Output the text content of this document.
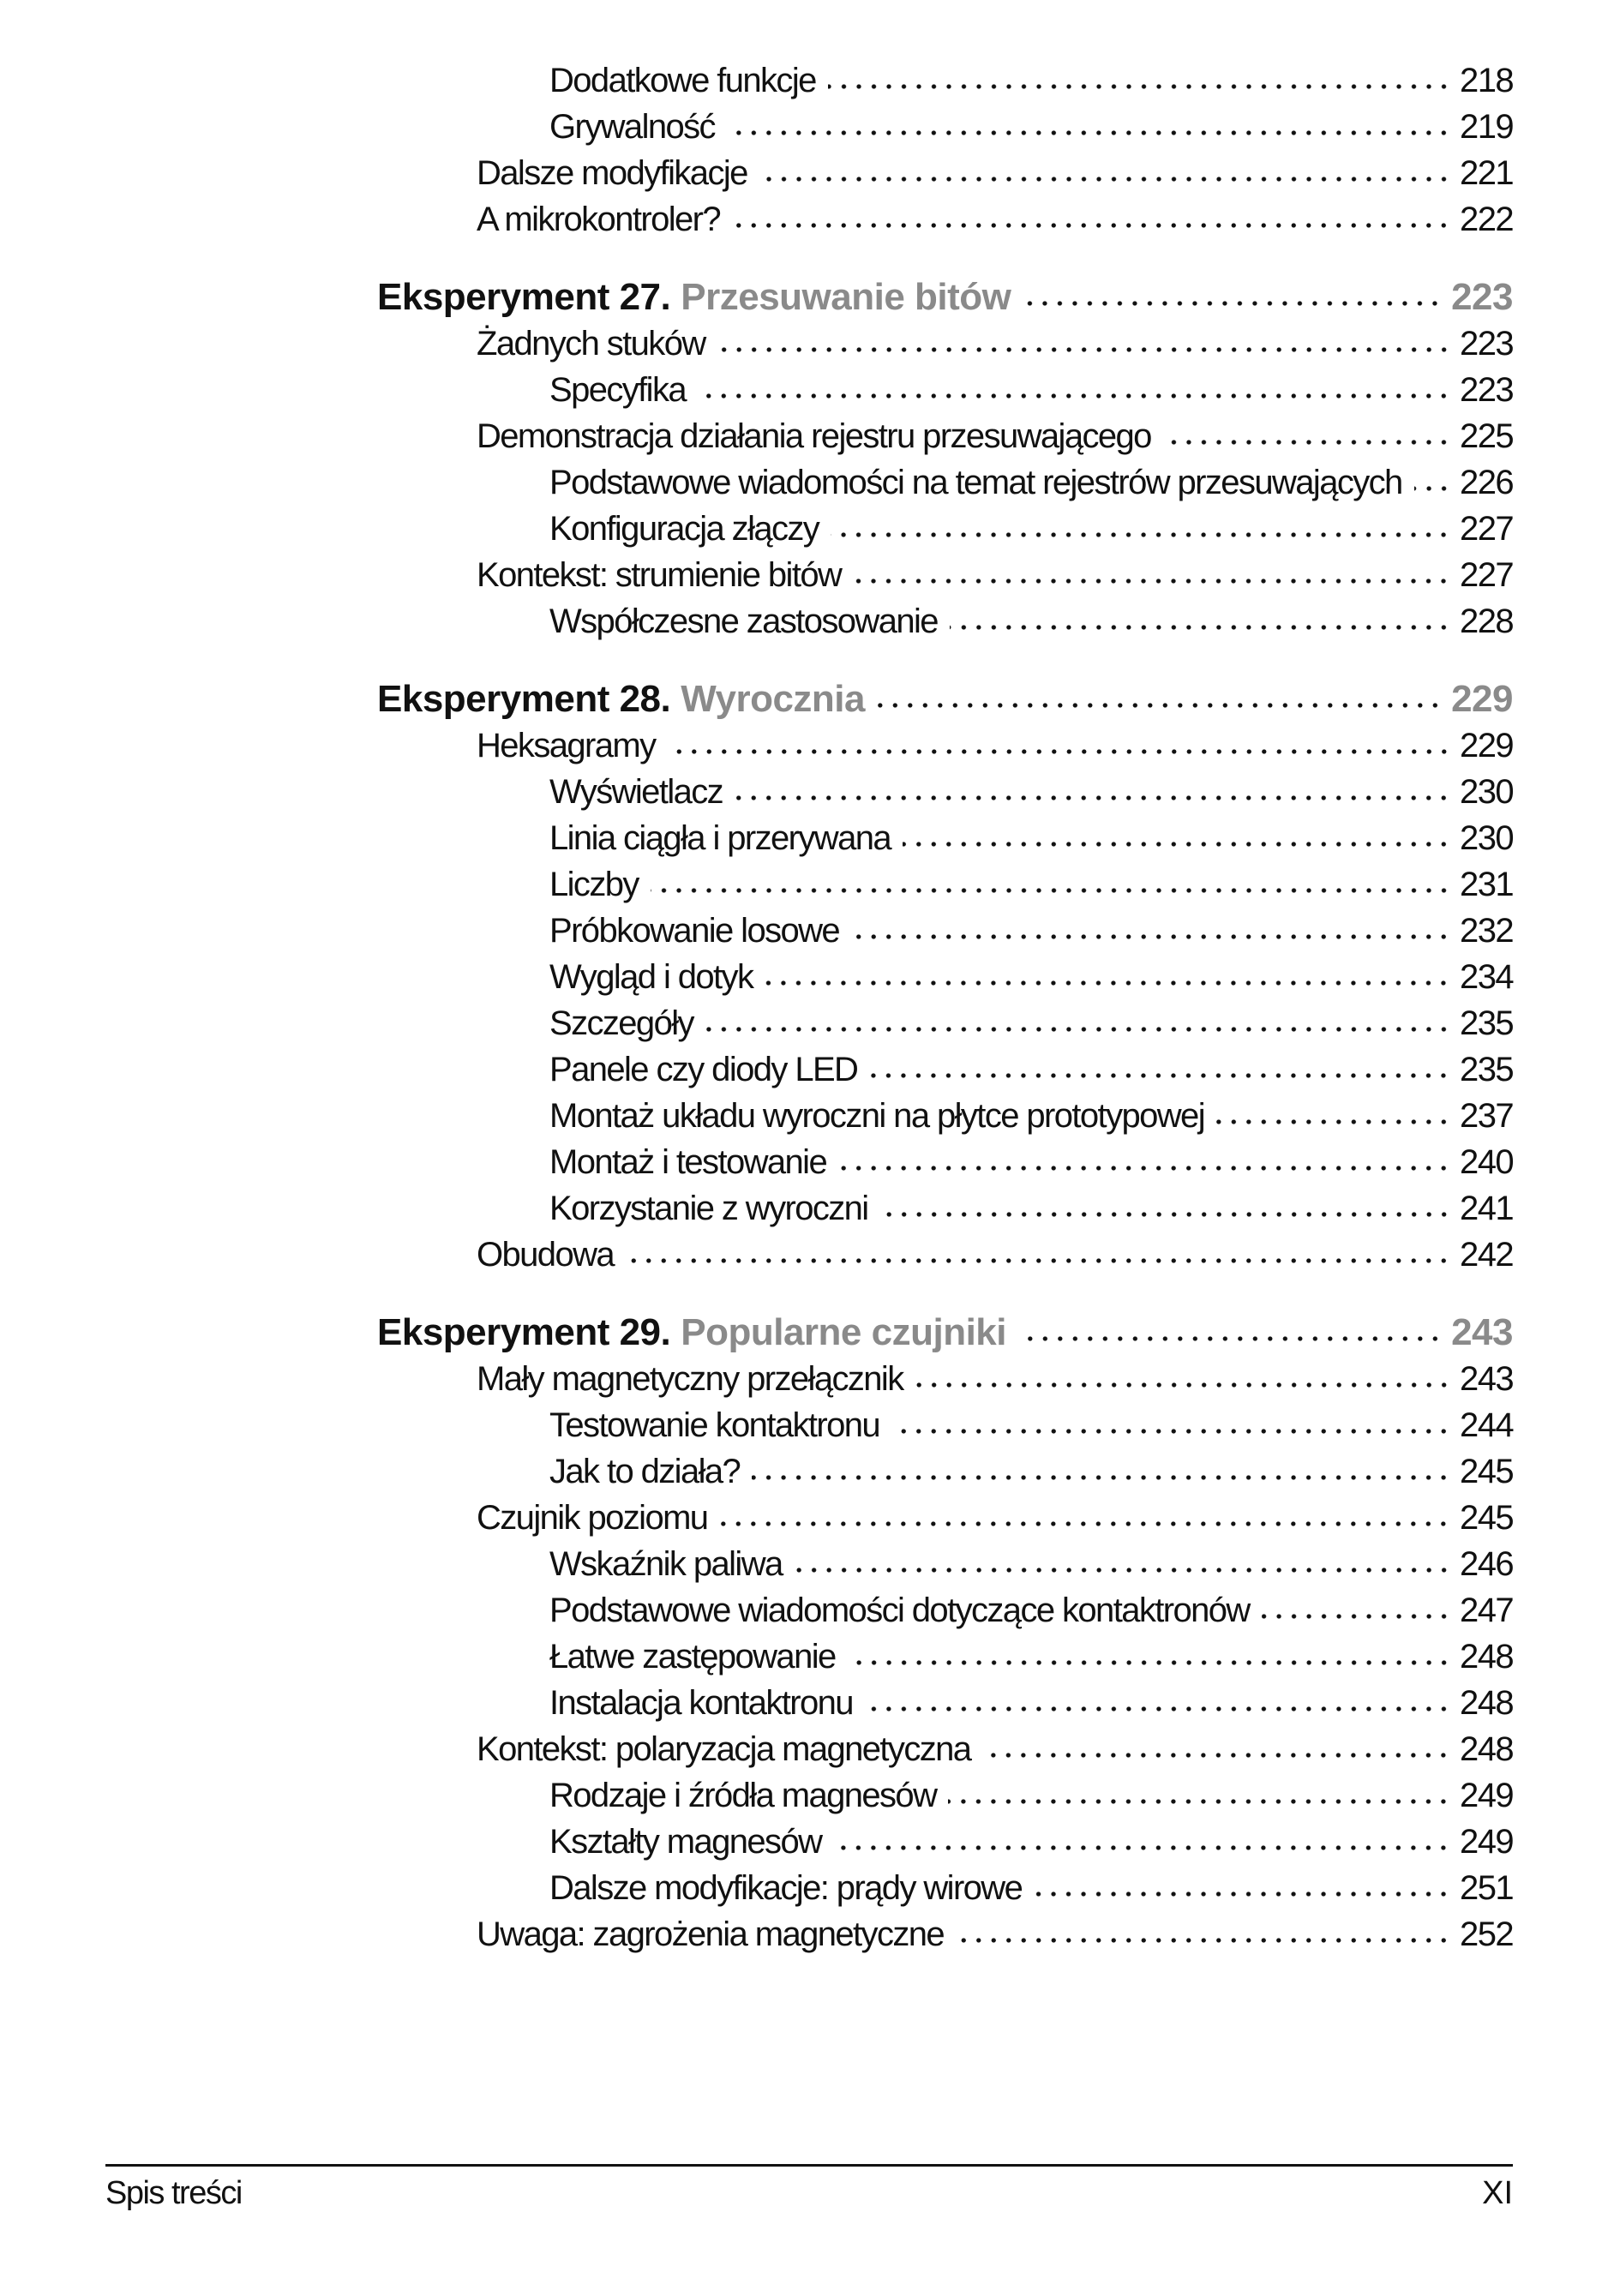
Dodatkowe funkcje	218
Grywalność	219
Dalsze modyfikacje	221
A mikrokontroler?	222
Eksperyment 27. Przesuwanie bitów	223
Żadnych stuków	223
Specyfika	223
Demonstracja działania rejestru przesuwającego	225
Podstawowe wiadomości na temat rejestrów przesuwających 226
Konfiguracja złączy	227
Kontekst: strumienie bitów	227
Współczesne zastosowanie	228
Eksperyment 28. Wyrocznia	229
Heksagramy	229
Wyświetlacz	230
Linia ciągła i przerywana	230
Liczby	231
Próbkowanie losowe	232
Wygląd i dotyk	234
Szczegóły	235
Panele czy diody LED	235
Montaż układu wyroczni na płytce prototypowej	237
Montaż i testowanie	240
Korzystanie z wyroczni	241
Obudowa	242
Eksperyment 29. Popularne czujniki	243
Mały magnetyczny przełącznik	243
Testowanie kontaktronu	244
Jak to działa?	245
Czujnik poziomu	245
Wskaźnik paliwa	246
Podstawowe wiadomości dotyczące kontaktronów	247
Łatwe zastępowanie	248
Instalacja kontaktronu	248
Kontekst: polaryzacja magnetyczna	248
Rodzaje i źródła magnesów	249
Kształty magnesów	249
Dalsze modyfikacje: prądy wirowe	251
Uwaga: zagrożenia magnetyczne	252
Spis treści	XI
